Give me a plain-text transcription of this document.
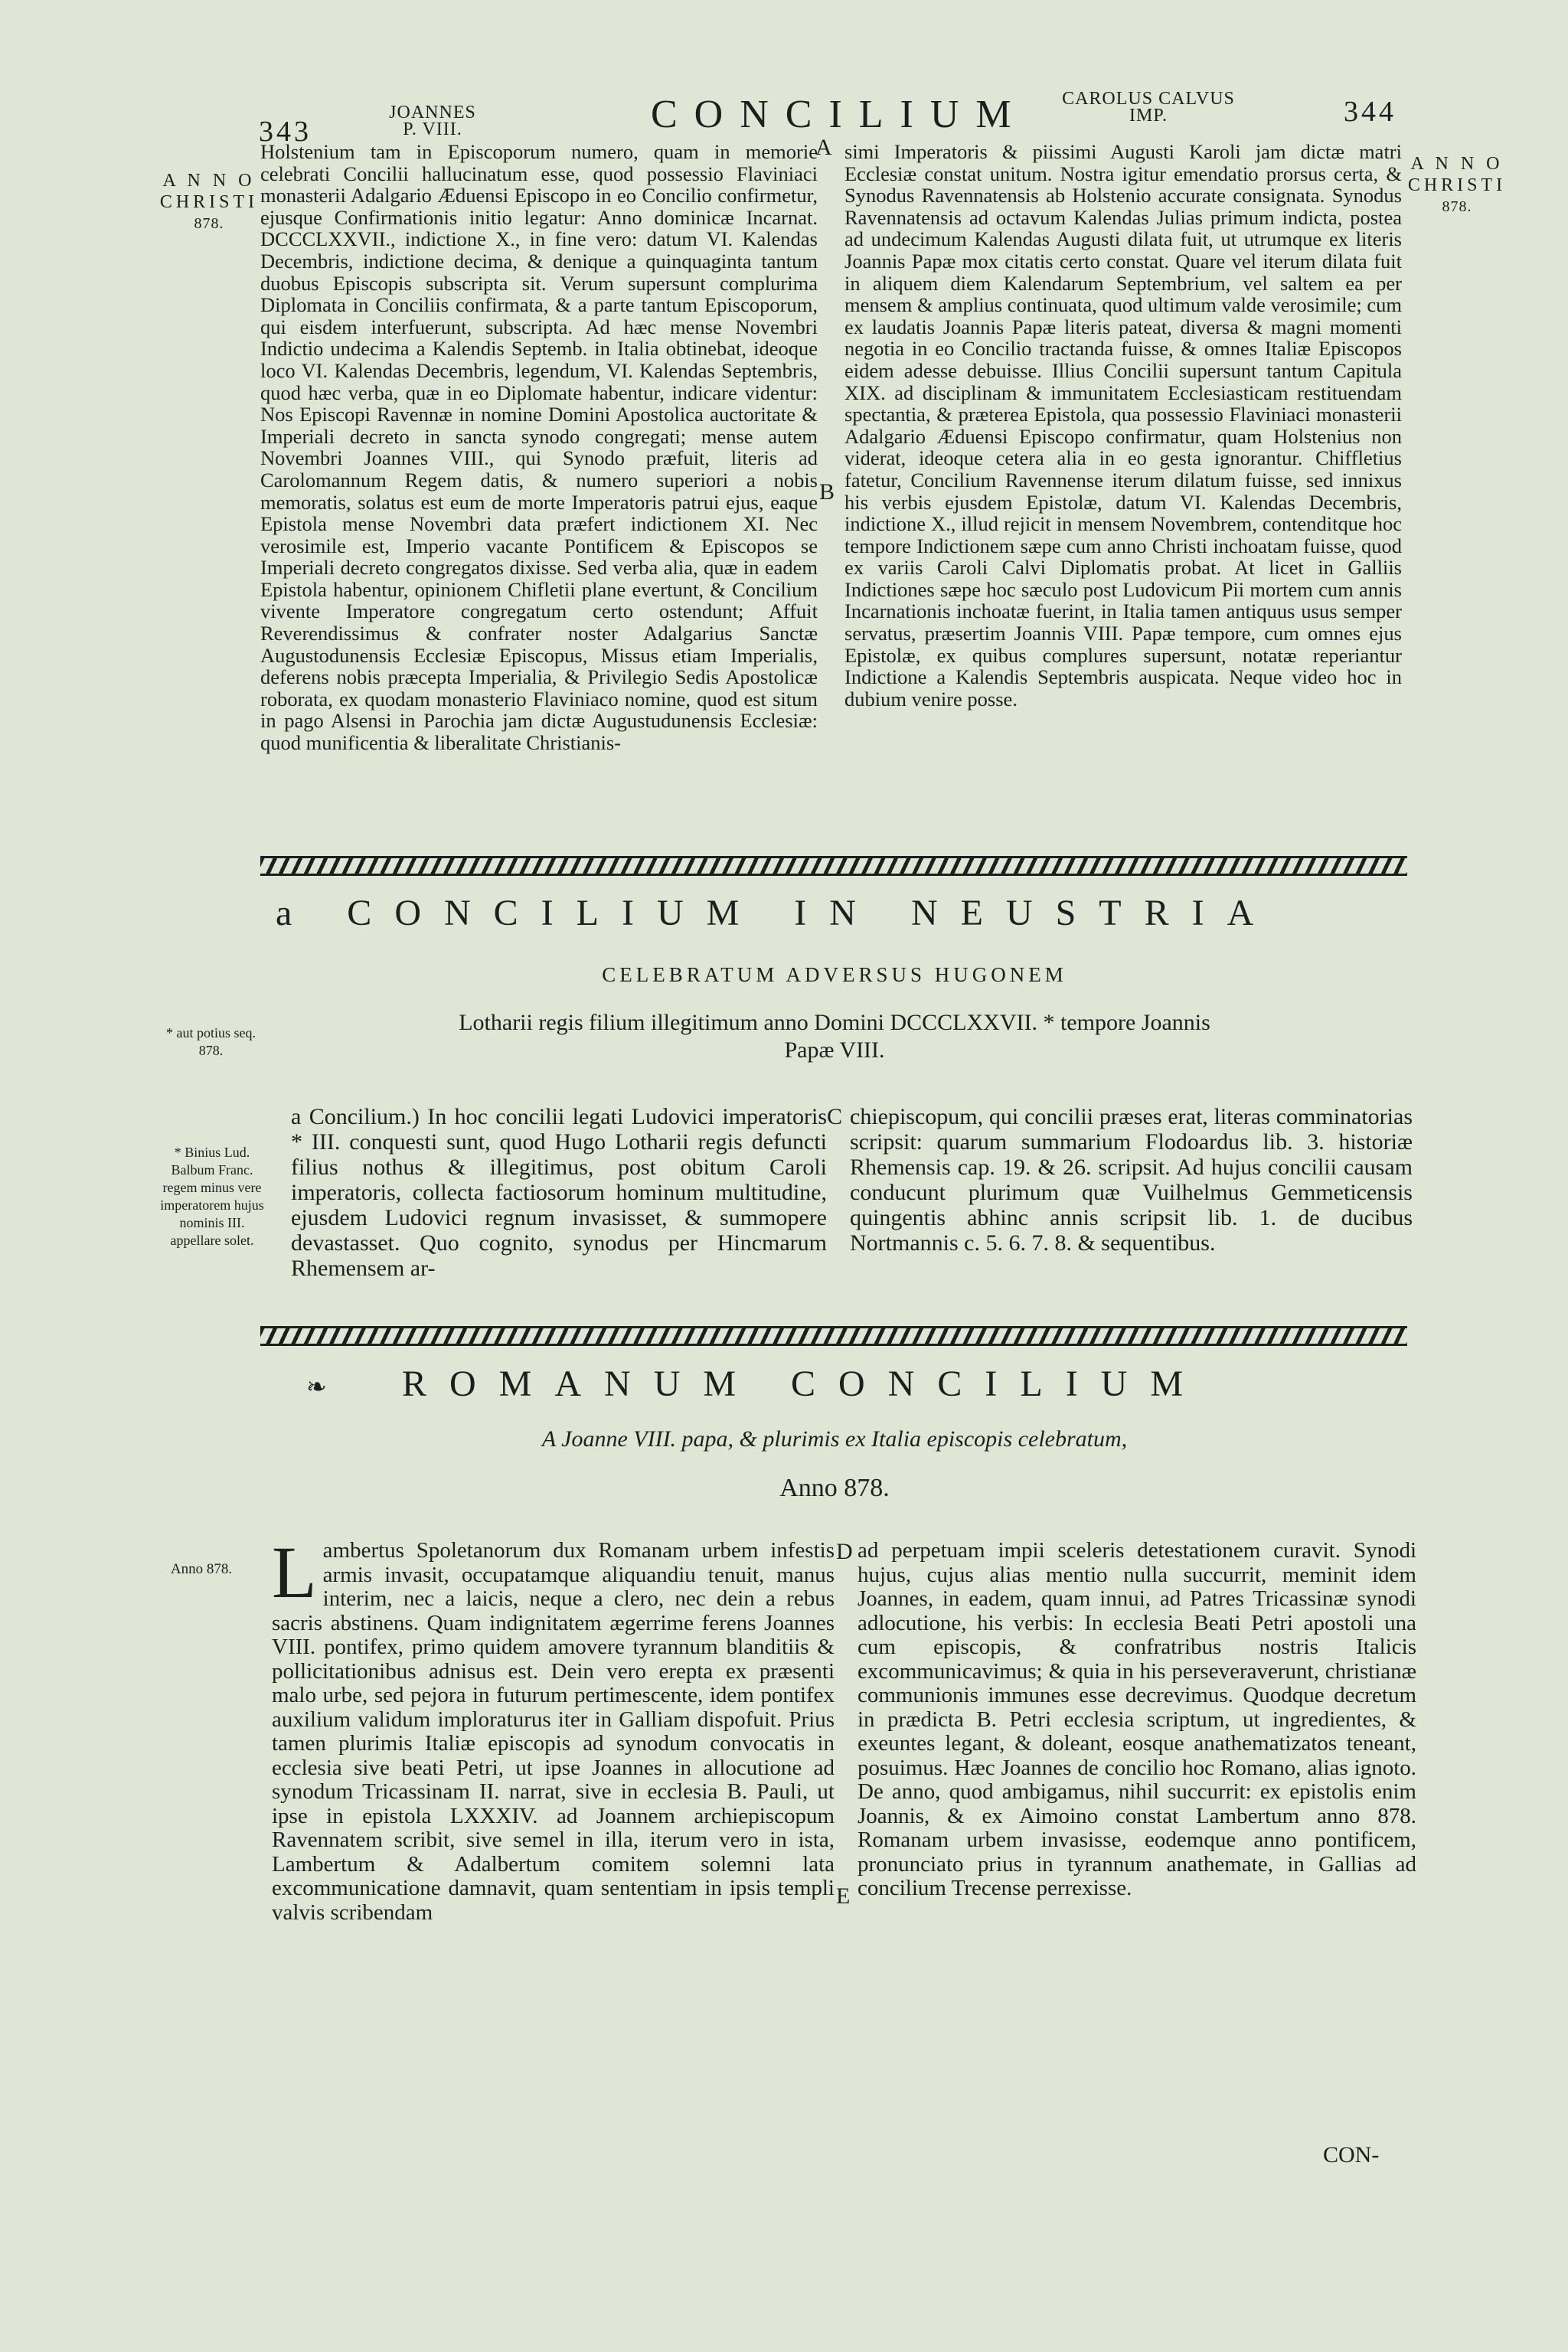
343
JOANNES
P. VIII.	CONCILIUM	CAROLUS CALVUS
IMP.	344
A N N O
CHRISTI
878.
A N N O
CHRISTI
878.

Holstenium tam in Episcoporum numero, quam in memorie celebrati Concilii hallucinatum esse, quod possessio Flaviniaci monasterii Adalgario Æduensi Episcopo in eo Concilio confirmetur, ejusque Confirmationis initio legatur: Anno dominicæ Incarnat. DCCCLXXVII., indictione X., in fine vero: datum VI. Kalendas Decembris, indictione decima, & denique a quinquaginta tantum duobus Episcopis subscripta sit. Verum supersunt complurima Diplomata in Conciliis confirmata, & a parte tantum Episcoporum, qui eisdem interfuerunt, subscripta. Ad hæc mense Novembri Indictio undecima a Kalendis Septemb. in Italia obtinebat, ideoque loco VI. Kalendas Decembris, legendum, VI. Kalendas Septembris, quod hæc verba, quæ in eo Diplomate habentur, indicare videntur: Nos Episcopi Ravennæ in nomine Domini Apostolica auctoritate & Imperiali decreto in sancta synodo congregati; mense autem Novembri Joannes VIII., qui Synodo præfuit, literis ad Carolomannum Regem datis, & numero superiori a nobis memoratis, solatus est eum de morte Imperatoris patrui ejus, eaque Epistola mense Novembri data præfert indictionem XI. Nec verosimile est, Imperio vacante Pontificem & Episcopos se Imperiali decreto congregatos dixisse. Sed verba alia, quæ in eadem Epistola habentur, opinionem Chifletii plane evertunt, & Concilium vivente Imperatore congregatum certo ostendunt; Affuit Reverendissimus & confrater noster Adalgarius Sanctæ Augustodunensis Ecclesiæ Episcopus, Missus etiam Imperialis, deferens nobis præcepta Imperialia, & Privilegio Sedis Apostolicæ roborata, ex quodam monasterio Flaviniaco nomine, quod est situm in pago Alsensi in Parochia jam dictæ Augustudunensis Ecclesiæ: quod munificentia & liberalitate Christianis-

A
B

simi Imperatoris & piissimi Augusti Karoli jam dictæ matri Ecclesiæ constat unitum. Nostra igitur emendatio prorsus certa, & Synodus Ravennatensis ab Holstenio accurate consignata. Synodus Ravennatensis ad octavum Kalendas Julias primum indicta, postea ad undecimum Kalendas Augusti dilata fuit, ut utrumque ex literis Joannis Papæ mox citatis certo constat. Quare vel iterum dilata fuit in aliquem diem Kalendarum Septembrium, vel saltem ea per mensem & amplius continuata, quod ultimum valde verosimile; cum ex laudatis Joannis Papæ literis pateat, diversa & magni momenti negotia in eo Concilio tractanda fuisse, & omnes Italiæ Episcopos eidem adesse debuisse. Illius Concilii supersunt tantum Capitula XIX. ad disciplinam & immunitatem Ecclesiasticam restituendam spectantia, & præterea Epistola, qua possessio Flaviniaci monasterii Adalgario Æduensi Episcopo confirmatur, quam Holstenius non viderat, ideoque cetera alia in eo gesta ignorantur. Chiffletius fatetur, Concilium Ravennense iterum dilatum fuisse, sed innixus his verbis ejusdem Epistolæ, datum VI. Kalendas Decembris, indictione X., illud rejicit in mensem Novembrem, contenditque hoc tempore Indictionem sæpe cum anno Christi inchoatam fuisse, quod ex variis Caroli Calvi Diplomatis probat. At licet in Galliis Indictiones sæpe hoc sæculo post Ludovicum Pii mortem cum annis Incarnationis inchoatæ fuerint, in Italia tamen antiquus usus semper servatus, præsertim Joannis VIII. Papæ tempore, cum omnes ejus Epistolæ, ex quibus complures supersunt, notatæ reperiantur Indictione a Kalendis Septembris auspicata. Neque video hoc in dubium venire posse.

a CONCILIUM IN NEUSTRIA
CELEBRATUM ADVERSUS HUGONEM
Lotharii regis filium illegitimum anno Domini DCCCLXXVII. * tempore Joannis
Papæ VIII.
* aut potius seq. 878.
* Binius Lud. Balbum Franc. regem minus vere imperatorem hujus nominis III. appellare solet.
a Concilium.) In hoc concilii legati Ludovici imperatoris * III. conquesti sunt, quod Hugo Lotharii regis defuncti filius nothus & illegitimus, post obitum Caroli imperatoris, collecta factiosorum hominum multitudine, ejusdem Ludovici regnum invasisset, & summopere devastasset. Quo cognito, synodus per Hincmarum Rhemensem ar-
C chiepiscopum, qui concilii præses erat, literas comminatorias scripsit: quarum summarium Flodoardus lib. 3. historiæ Rhemensis cap. 19. & 26. scripsit. Ad hujus concilii causam conducunt plurimum quæ Vuilhelmus Gemmeticensis quingentis abhinc annis scripsit lib. 1. de ducibus Nortmannis c. 5. 6. 7. 8. & sequentibus.
❧ ROMANUM CONCILIUM
A Joanne VIII. papa, & plurimis ex Italia episcopis celebratum,
Anno 878.
Anno 878. Lambertus Spoletanorum dux Romanam urbem infestis armis invasit, occupatamque aliquandiu tenuit, manus interim, nec a laicis, neque a clero, nec dein a rebus sacris abstinens. Quam indignitatem ægerrime ferens Joannes VIII. pontifex, primo quidem amovere tyrannum blanditiis & pollicitationibus adnisus est. Dein vero erepta ex præsenti malo urbe, sed pejora in futurum pertimescente, idem pontifex auxilium validum imploraturus iter in Galliam dispofuit. Prius tamen plurimis Italiæ episcopis ad synodum convocatis in ecclesia sive beati Petri, ut ipse Joannes in allocutione ad synodum Tricassinam II. narrat, sive in ecclesia B. Pauli, ut ipse in epistola LXXXIV. ad Joannem archiepiscopum Ravennatem scribit, sive semel in illa, iterum vero in ista, Lambertum & Adalbertum comitem solemni lata excommunicatione damnavit, quam sententiam in ipsis templi valvis scribendam

D
E

ad perpetuam impii sceleris detestationem curavit. Synodi hujus, cujus alias mentio nulla succurrit, meminit idem Joannes, in eadem, quam innui, ad Patres Tricassinæ synodi adlocutione, his verbis: In ecclesia Beati Petri apostoli una cum episcopis, & confratribus nostris Italicis excommunicavimus; & quia in his perseveraverunt, christianæ communionis immunes esse decrevimus. Quodque decretum in prædicta B. Petri ecclesia scriptum, ut ingredientes, & exeuntes legant, & doleant, eosque anathematizatos teneant, posuimus. Hæc Joannes de concilio hoc Romano, alias ignoto. De anno, quod ambigamus, nihil succurrit: ex epistolis enim Joannis, & ex Aimoino constat Lambertum anno 878. Romanam urbem invasisse, eodemque anno pontificem, pronunciato prius in tyrannum anathemate, in Gallias ad concilium Trecense perrexisse.

CON-
